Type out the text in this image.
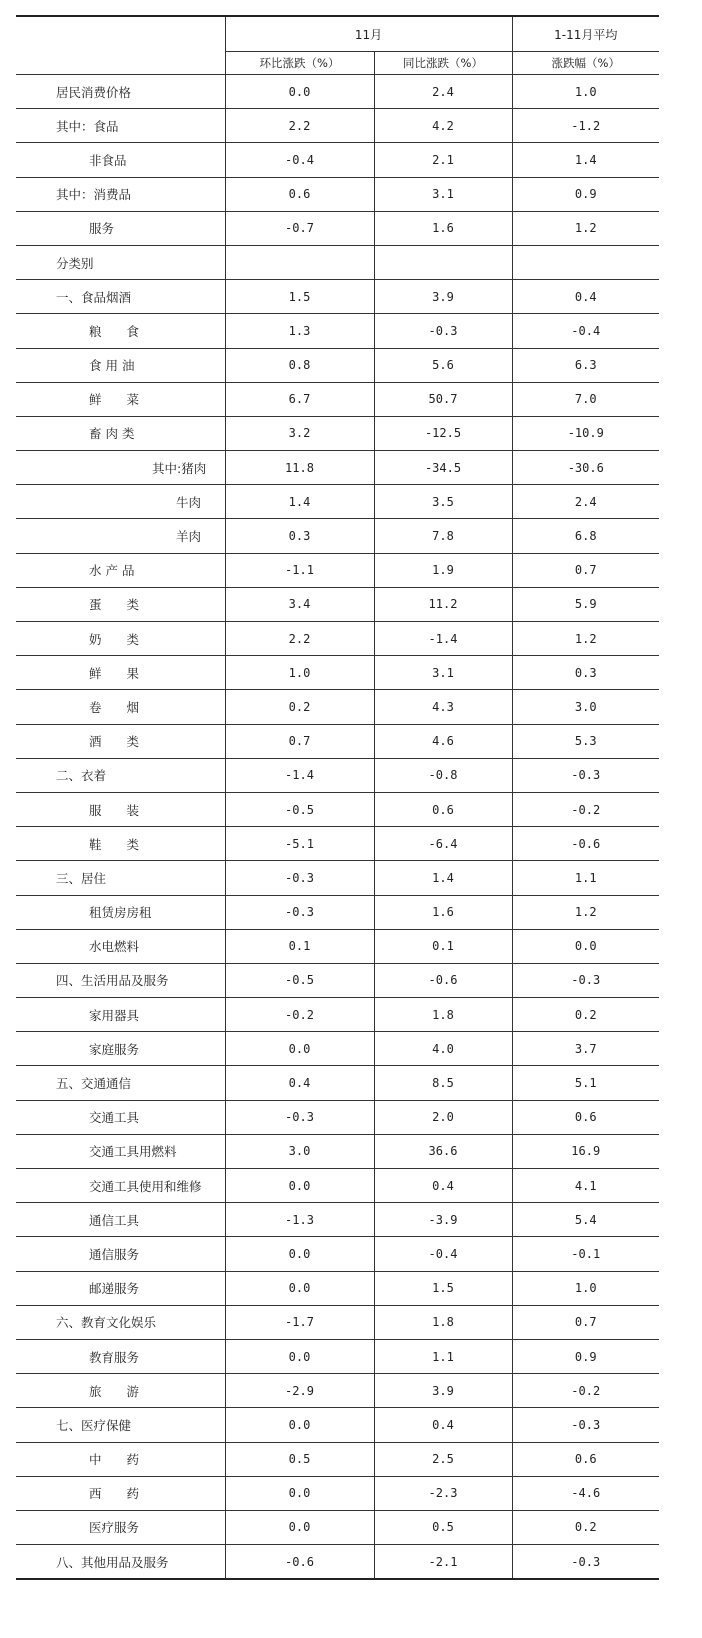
	11月		1-11月平均
	环比涨跌（%）	同比涨跌（%）	涨跌幅（%）
居民消费价格	0.0	2.4	1.0
其中：食品	2.2	4.2	-1.2
非食品	-0.4	2.1	1.4
其中：消费品	0.6	3.1	0.9
服务	-0.7	1.6	1.2
分类别			
一、食品烟酒	1.5	3.9	0.4
粮　　食	1.3	-0.3	-0.4
食 用 油	0.8	5.6	6.3
鲜　　菜	6.7	50.7	7.0
畜 肉 类	3.2	-12.5	-10.9
其中:猪肉	11.8	-34.5	-30.6
牛肉	1.4	3.5	2.4
羊肉	0.3	7.8	6.8
水 产 品	-1.1	1.9	0.7
蛋　　类	3.4	11.2	5.9
奶　　类	2.2	-1.4	1.2
鲜　　果	1.0	3.1	0.3
卷　　烟	0.2	4.3	3.0
酒　　类	0.7	4.6	5.3
二、衣着	-1.4	-0.8	-0.3
服　　装	-0.5	0.6	-0.2
鞋　　类	-5.1	-6.4	-0.6
三、居住	-0.3	1.4	1.1
租赁房房租	-0.3	1.6	1.2
水电燃料	0.1	0.1	0.0
四、生活用品及服务	-0.5	-0.6	-0.3
家用器具	-0.2	1.8	0.2
家庭服务	0.0	4.0	3.7
五、交通通信	0.4	8.5	5.1
交通工具	-0.3	2.0	0.6
交通工具用燃料	3.0	36.6	16.9
交通工具使用和维修	0.0	0.4	4.1
通信工具	-1.3	-3.9	5.4
通信服务	0.0	-0.4	-0.1
邮递服务	0.0	1.5	1.0
六、教育文化娱乐	-1.7	1.8	0.7
教育服务	0.0	1.1	0.9
旅　　游	-2.9	3.9	-0.2
七、医疗保健	0.0	0.4	-0.3
中　　药	0.5	2.5	0.6
西　　药	0.0	-2.3	-4.6
医疗服务	0.0	0.5	0.2
八、其他用品及服务	-0.6	-2.1	-0.3
